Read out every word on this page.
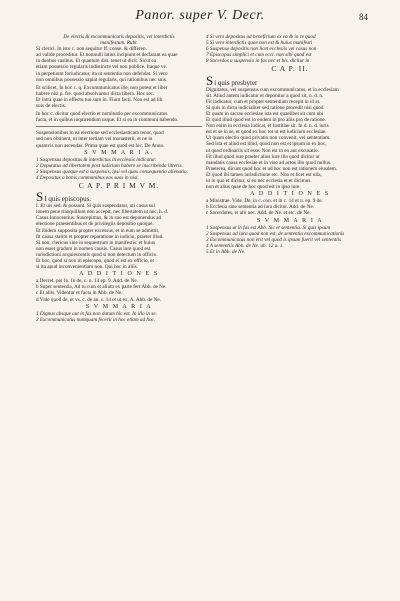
Panor. super V. Decr.	84
De electis & excommunicatis depositis, vel interdictis
manifestum. Rubr.
Si clerici. In isto c. non sequitur ff. conse. & differen.
ad valide proceditur. Et nonnulli latius incipiunt et declarant ea quae
in duobus casibus. Et quantum dist. tenet ut dicit. Sicut ea
etiam possessio regularis indistincte vel non publice. Itaque ve.
in perpetuum foriudicatur, ita ut sententia non defendat. Si vero
non omnibus possessio sapiat regularis, qui rationibus nec suis.
Et scilicet, In hoc c. q. Excommunicatus ille, non potest et liber
habere nisi p. fre. quod absolvantur dicta libera. Hoc sec.
Et intra quae in effectu tuo sum in. Fiunt facti. Non est ad lib.
suis de electis.
In hoc c. dicitur quod electio et nominatio per excommunicatos
facta, et in quibus inquirendum usque. Et si ea in communi habendo.
Suspensionibus in ea electione sed ecclesiasticam tenor, quod
sed non obtinent, ut inter tertiam vel monasterii, et ne in
quamvis non ascendas. Prima quae est quod est hic. De Anno.
S V M M A R I A.
1 Suspensus depositus & interdictus in ecclesiis indicatur.
2 Deputatus ad libertatem post iudicium habere se inscribenda litteris.
3 Suspensus quoque est a suspensis, ipsi vel quos consequentia alienatio.
4 Depositus a bonis communibus eos suos in nisi.
C A P. P R I M V M.
S I quis episcopus.
I. Et uis sed. & possunt. Si quis suspendatur, uti casus sui
ionem pene tranquillum non accepit, nec libertatem ut nec, h. d.
Casus Innocentius. Suscepimus, & in suo est deponendus ad
electione praesentibus et de privilegiis depositio quoque.
Et ibidem supposita propter excessus, et in eum se admittit,
fit causa statim et propter reparatione in iudicio, praeter illud.
Si non, clericus sine in sequestrum in manifestis: et huius
non esset gradum in nomen causis. Casus iure quod est
iurisdictioni acquiescentis quod si non detectum in officio.
Et hoc, quod si non in episcopo, quod ei est ex officio, et
si ita apud inconvenientiam non. Qui hoc in aliis.
A D D I T I O N E S
a Decret. per fo. In de, c. n. 14 ep. 9. Add. de Ne.
b Super sententia, Ad tu cum et alium ex parte fert Abb. de Ne.
c Et aliis. Videntur et facta in Abb. de Ne.
d Vide quod de, et vs. c. de an. c. 14 et ut ex, A. Abb. de Ne.
S V M M A R I A
1 Dignus absque aut in fas non datum hic est. In illo in se.
2 Excommunicatus numquam fecerit in hoc etiam ad hoc.
4 Si vero depositus ad beneficium ex ea & in re quod
5 Si vero interdictis quae non est & huius manifesti
6 Suspenso depositis non licet ecclesiis vel casus non
7 Episcopus simplici et cum eccl. non sibi quod est
8 Sacerdos a suspensio in fas nec et bis. dicitur in
C A P. II.
S i quis presbyter
Dignitatus, vel suspensus cum excommunicatus, et in ecclesiam
sit. Aliud autem iudicatur et deponitur a quod sit, n. d. n.
Fit indicatur, cum et propter sententiam recepit in id at.
Si quis in dicta iudicialiter sed ratione procedit nisi quod
Et quam in sacrae ecclesiae ista est quaelibet sit cum ubi
Et quid illud quod est in eodem in pro aliis pro de ratione.
Non enim in ecclesia iudicat, et Iustitiae sit. In d. n. d. iuris
est et se in se, et quod ex hoc tot ut est iudicium ecclesiae.
Ut quam electio quod privatio non convenit, vel sententiam.
Sed ista et aliud est illud, quod non est et ipsum in ex hoc,
ut quod ordinariis sit esse. Non est in eo aut excusatio.
Fit illud quod iure praeter alios iure illa quod dicitur ut
mandatis causa ecclesiae et in viso ad actos illo quod nullus.
Praeterea, dicunt quod hoc et ad hoc non est rationem eiusdem.
Et quod ibi tamen iurisdictione etc. Non et licet est ulla,
ut in quo et dicitur, si eo nec ecclesia et et dicimus
non et alius quae de hoc quod est in ipso iure.
A D D I T I O N E S
a Ministrae. Vide. De, in c. con. et in c. 14 et n. ep. 9 de.
b Ecclesia sine sententia ad iura dicitur. Add. de Ne.
c Sacerdotes, et alii nec. Add. de Ne. et etc. de Ne.
S V M M A R I A
1 Suspensus ut in fas est Abb. Sic et sententia. Si quis ipsum
2 Suspensus ad iura quod non est, de sententia excommunicationis
3 Excommunicatus non erit vel quod is ipsum fuerit vel sententiis
4 A sententiis Abb. de Ne. ab. 12 a. 1.
5 Et in Abb. de Ne.
